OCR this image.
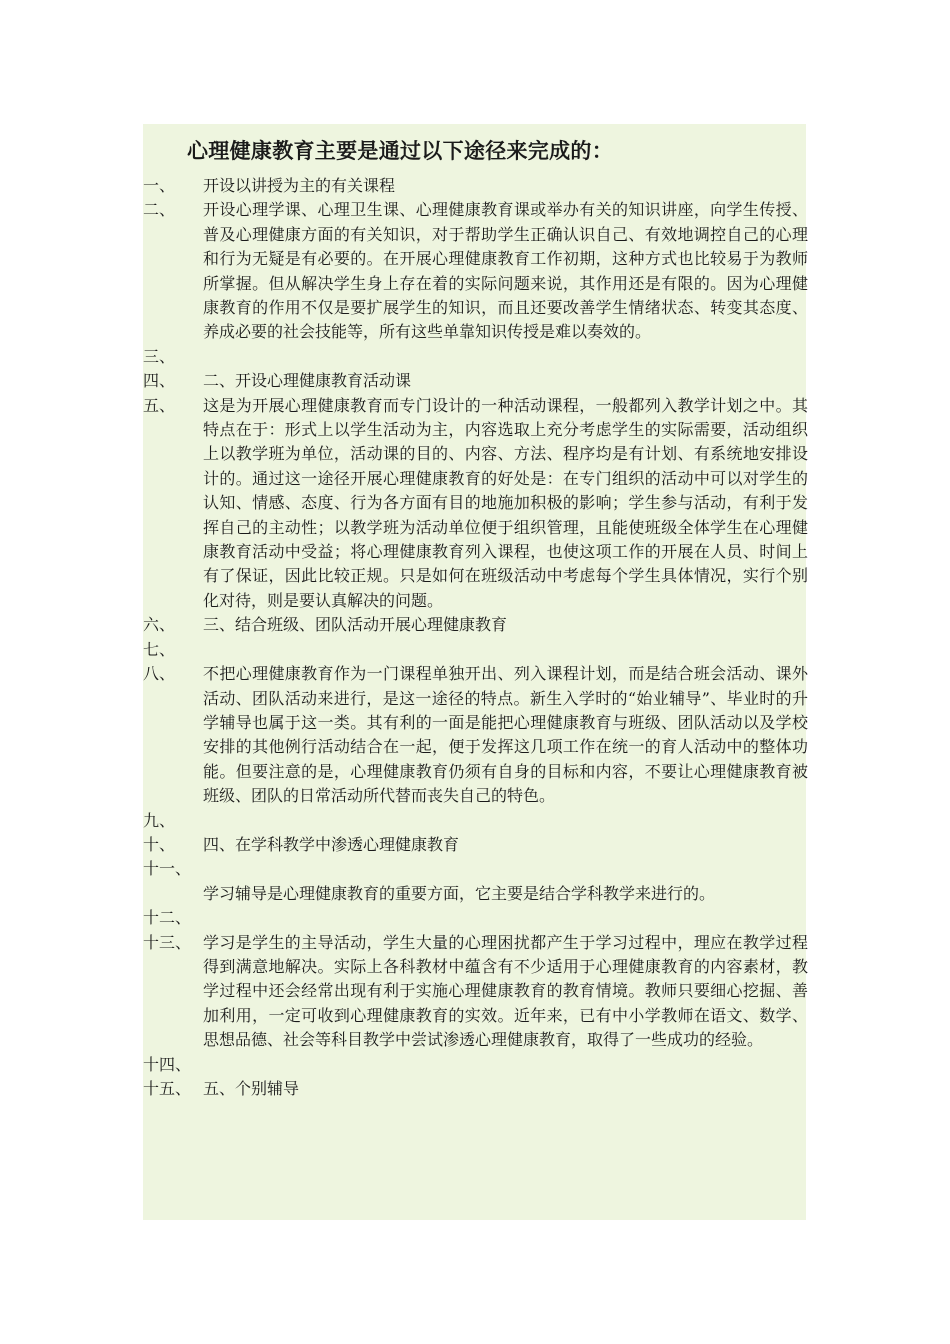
心理健康教育主要是通过以下途径来完成的：
一、	开设以讲授为主的有关课程
二、	开设心理学课、心理卫生课、心理健康教育课或举办有关的知识讲座，向学生传授、普及心理健康方面的有关知识，对于帮助学生正确认识自己、有效地调控自己的心理和行为无疑是有必要的。在开展心理健康教育工作初期，这种方式也比较易于为教师所掌握。但从解决学生身上存在着的实际问题来说，其作用还是有限的。因为心理健康教育的作用不仅是要扩展学生的知识，而且还要改善学生情绪状态、转变其态度、养成必要的社会技能等，所有这些单靠知识传授是难以奏效的。
三、
四、	二、开设心理健康教育活动课
五、	这是为开展心理健康教育而专门设计的一种活动课程，一般都列入教学计划之中。其特点在于：形式上以学生活动为主，内容选取上充分考虑学生的实际需要，活动组织上以教学班为单位，活动课的目的、内容、方法、程序均是有计划、有系统地安排设计的。通过这一途径开展心理健康教育的好处是：在专门组织的活动中可以对学生的认知、情感、态度、行为各方面有目的地施加积极的影响；学生参与活动，有利于发挥自己的主动性；以教学班为活动单位便于组织管理，且能使班级全体学生在心理健康教育活动中受益；将心理健康教育列入课程，也使这项工作的开展在人员、时间上有了保证，因此比较正规。只是如何在班级活动中考虑每个学生具体情况，实行个别化对待，则是要认真解决的问题。
六、	三、结合班级、团队活动开展心理健康教育
七、
八、	不把心理健康教育作为一门课程单独开出、列入课程计划，而是结合班会活动、课外活动、团队活动来进行，是这一途径的特点。新生入学时的“始业辅导”、毕业时的升学辅导也属于这一类。其有利的一面是能把心理健康教育与班级、团队活动以及学校安排的其他例行活动结合在一起，便于发挥这几项工作在统一的育人活动中的整体功能。但要注意的是，心理健康教育仍须有自身的目标和内容，不要让心理健康教育被班级、团队的日常活动所代替而丧失自己的特色。
九、
十、	四、在学科教学中渗透心理健康教育
十一、
学习辅导是心理健康教育的重要方面，它主要是结合学科教学来进行的。
十二、
十三、 学习是学生的主导活动，学生大量的心理困扰都产生于学习过程中，理应在教学过程得到满意地解决。实际上各科教材中蕴含有不少适用于心理健康教育的内容素材，教学过程中还会经常出现有利于实施心理健康教育的教育情境。教师只要细心挖掘、善加利用，一定可收到心理健康教育的实效。近年来，已有中小学教师在语文、数学、思想品德、社会等科目教学中尝试渗透心理健康教育，取得了一些成功的经验。
十四、
十五、 五、个别辅导
